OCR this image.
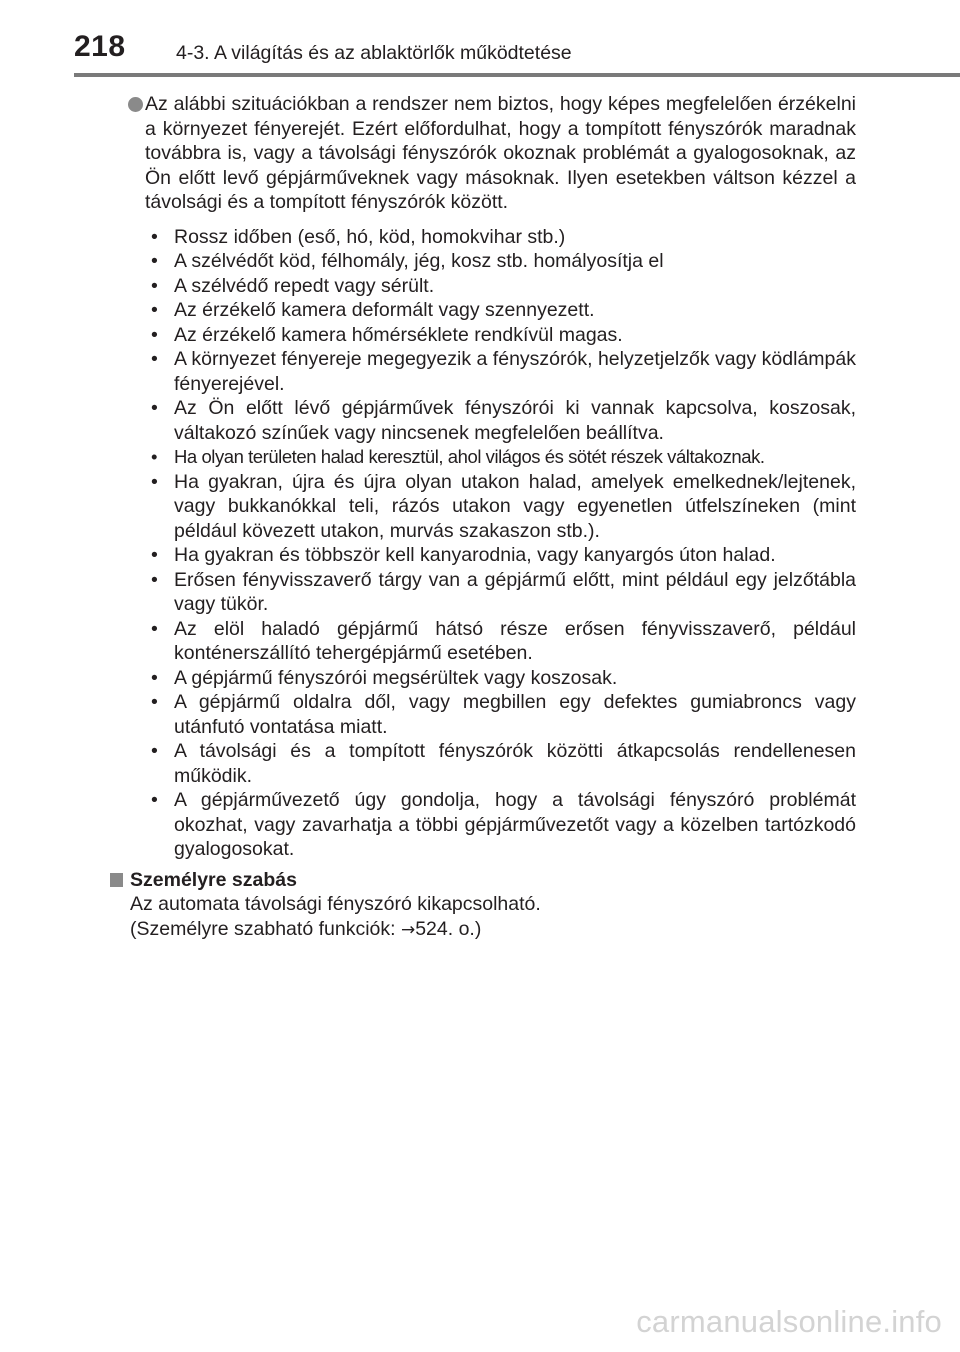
218	4-3. A világítás és az ablaktörlők működtetése

Az alábbi szituációkban a rendszer nem biztos, hogy képes megfelelően érzékelni a környezet fényerejét. Ezért előfordulhat, hogy a tompított fényszórók maradnak továbbra is, vagy a távolsági fényszórók okoznak problémát a gyalogosoknak, az Ön előtt levő gépjárműveknek vagy másoknak. Ilyen esetekben váltson kézzel a távolsági és a tompított fényszórók között.

• Rossz időben (eső, hó, köd, homokvihar stb.)
• A szélvédőt köd, félhomály, jég, kosz stb. homályosítja el
• A szélvédő repedt vagy sérült.
• Az érzékelő kamera deformált vagy szennyezett.
• Az érzékelő kamera hőmérséklete rendkívül magas.
• A környezet fényereje megegyezik a fényszórók, helyzetjelzők vagy ködlámpák fényerejével.
• Az Ön előtt lévő gépjárművek fényszórói ki vannak kapcsolva, koszosak, váltakozó színűek vagy nincsenek megfelelően beállítva.
• Ha olyan területen halad keresztül, ahol világos és sötét részek váltakoznak.
• Ha gyakran, újra és újra olyan utakon halad, amelyek emelkednek/lejtenek, vagy bukkanókkal teli, rázós utakon vagy egyenetlen útfelszíneken (mint például kövezett utakon, murvás szakaszon stb.).
• Ha gyakran és többször kell kanyarodnia, vagy kanyargós úton halad.
• Erősen fényvisszaverő tárgy van a gépjármű előtt, mint például egy jelzőtábla vagy tükör.
• Az elöl haladó gépjármű hátsó része erősen fényvisszaverő, például konténerszállító tehergépjármű esetében.
• A gépjármű fényszórói megsérültek vagy koszosak.
• A gépjármű oldalra dől, vagy megbillen egy defektes gumiabroncs vagy utánfutó vontatása miatt.
• A távolsági és a tompított fényszórók közötti átkapcsolás rendellenesen működik.
• A gépjárművezető úgy gondolja, hogy a távolsági fényszóró problémát okozhat, vagy zavarhatja a többi gépjárművezetőt vagy a közelben tartózkodó gyalogosokat.
Személyre szabás

Az automata távolsági fényszóró kikapcsolható.

(Személyre szabható funkciók: →524. o.)

carmanualsonline.info
